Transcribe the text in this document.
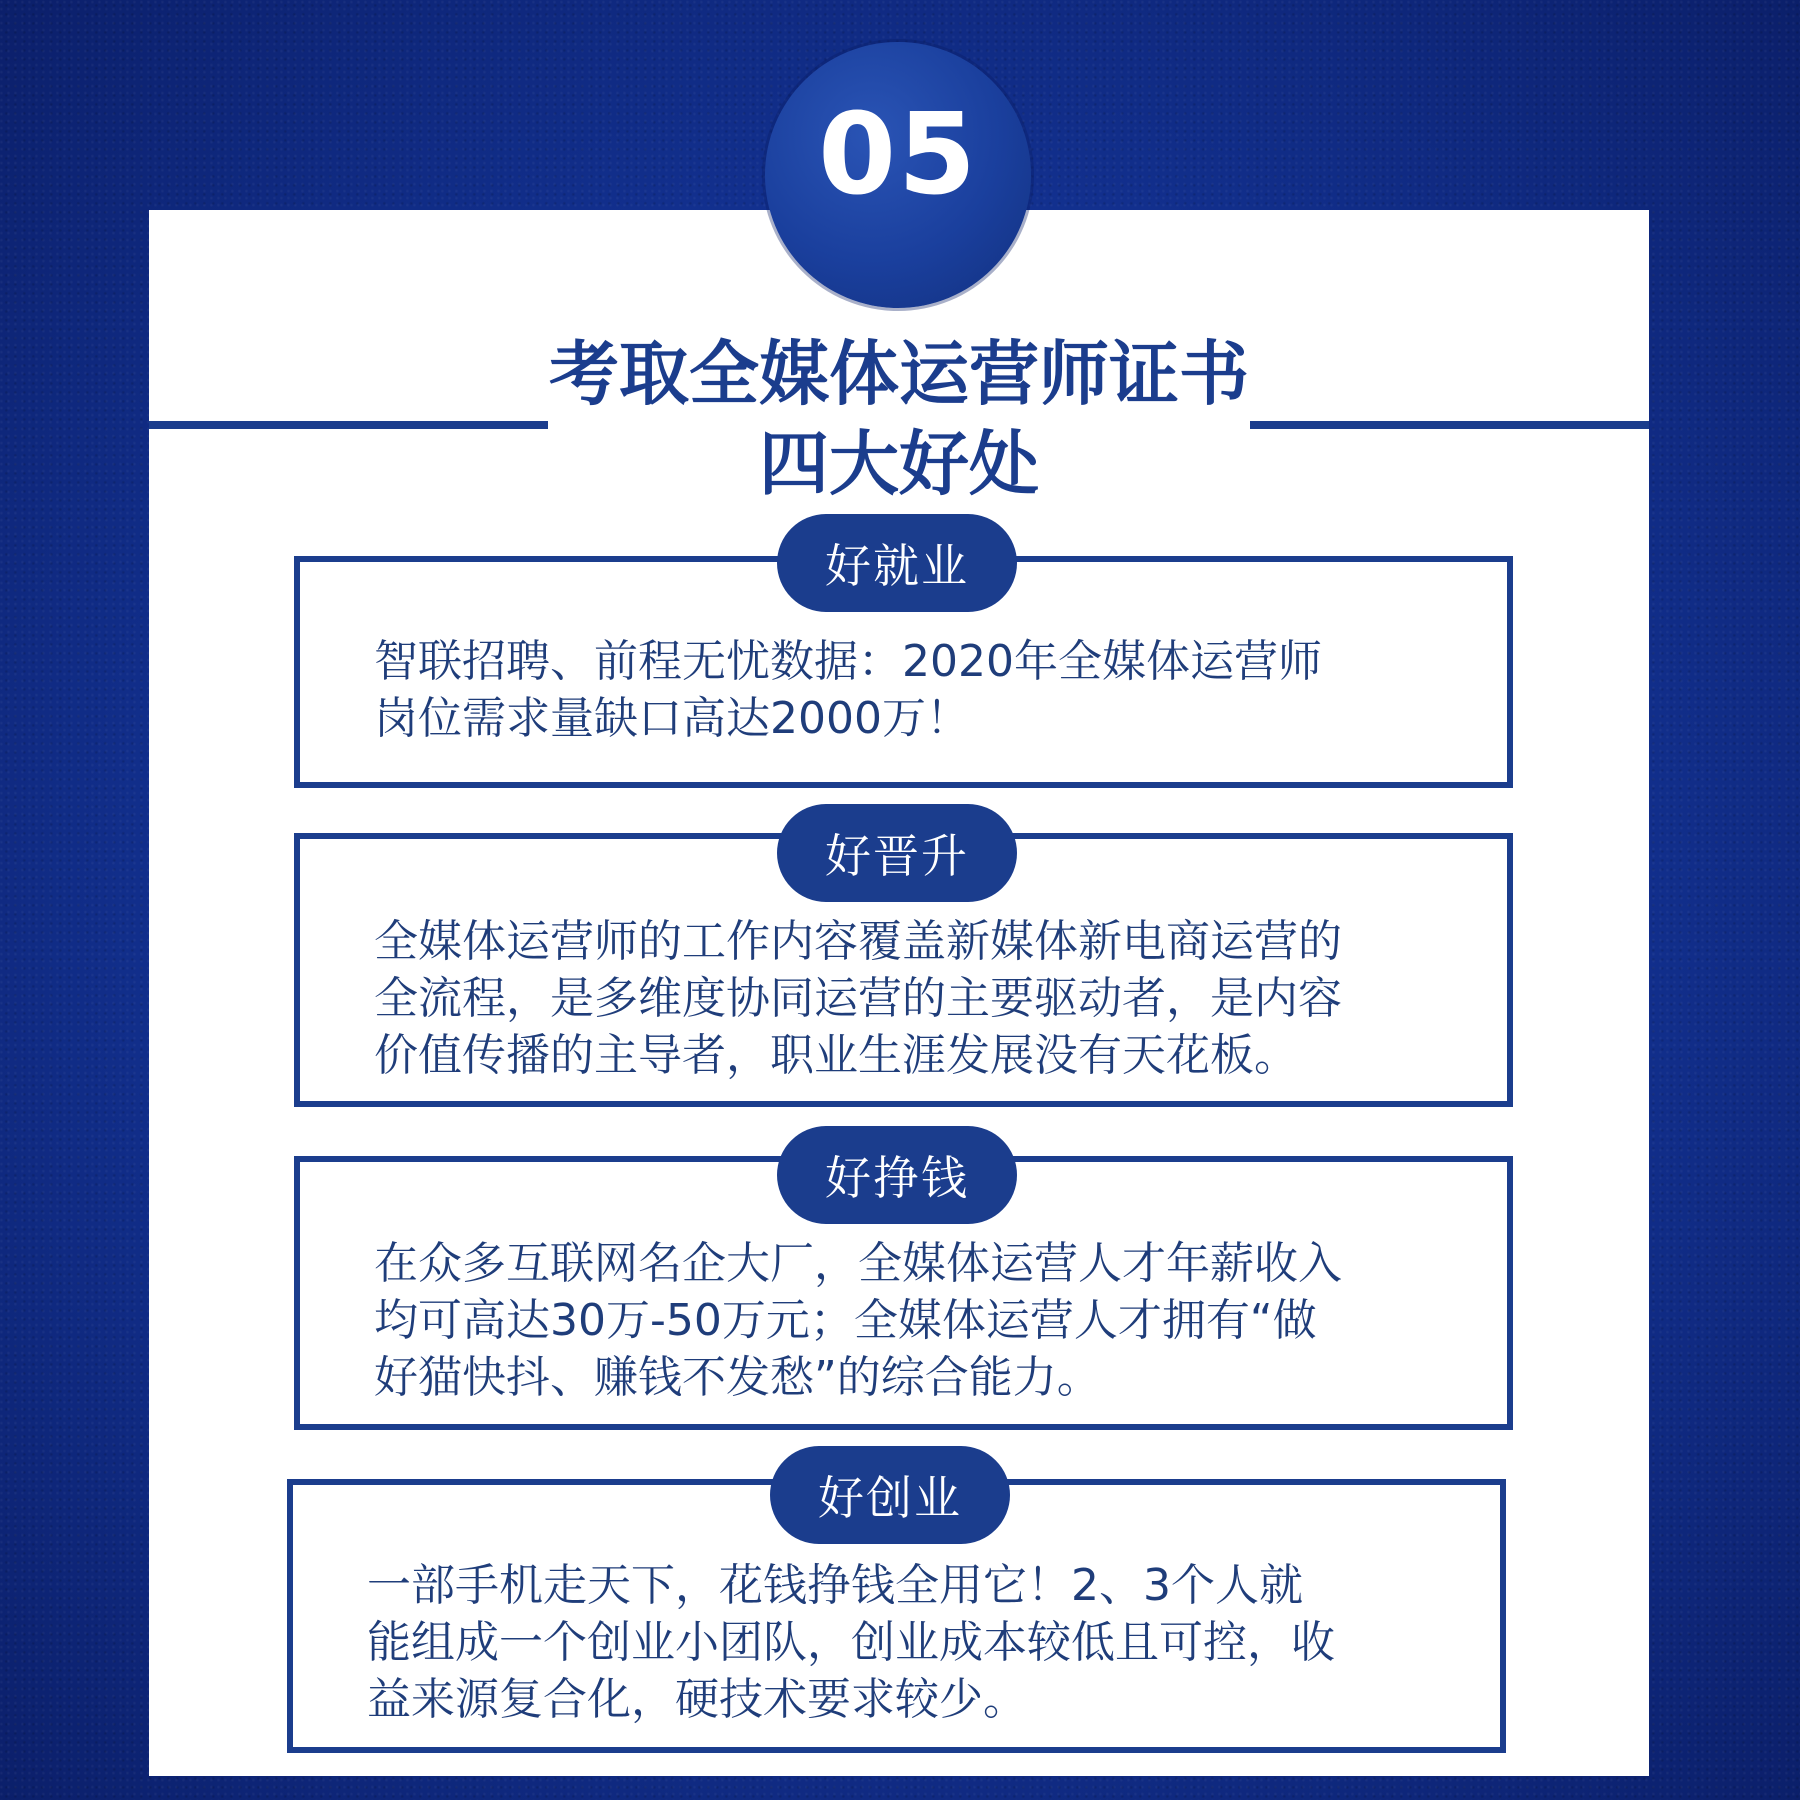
05
考取全媒体运营师证书
四大好处
好就业
智联招聘、前程无忧数据：2020年全媒体运营师
岗位需求量缺口高达2000万！
好晋升
全媒体运营师的工作内容覆盖新媒体新电商运营的
全流程，是多维度协同运营的主要驱动者，是内容
价值传播的主导者，职业生涯发展没有天花板。
好挣钱
在众多互联网名企大厂，全媒体运营人才年薪收入
均可高达30万-50万元；全媒体运营人才拥有“做
好猫快抖、赚钱不发愁”的综合能力。
好创业
一部手机走天下，花钱挣钱全用它！2、3个人就
能组成一个创业小团队，创业成本较低且可控，收
益来源复合化，硬技术要求较少。
